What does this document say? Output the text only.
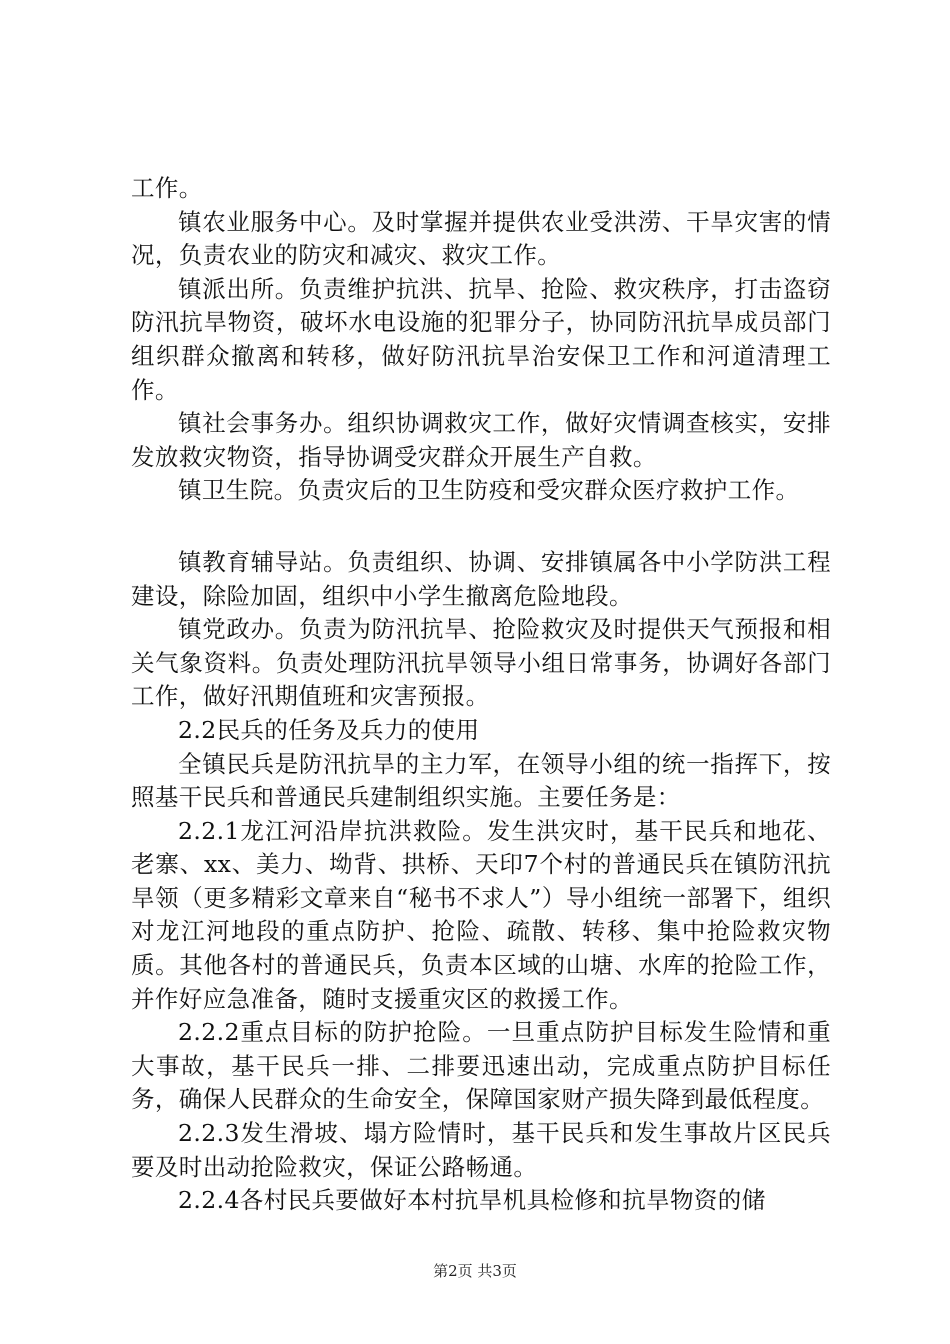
工作。

镇农业服务中心。及时掌握并提供农业受洪涝、干旱灾害的情况，负责农业的防灾和减灾、救灾工作。

镇派出所。负责维护抗洪、抗旱、抢险、救灾秩序，打击盗窃防汛抗旱物资，破坏水电设施的犯罪分子，协同防汛抗旱成员部门组织群众撤离和转移，做好防汛抗旱治安保卫工作和河道清理工作。

镇社会事务办。组织协调救灾工作，做好灾情调查核实，安排发放救灾物资，指导协调受灾群众开展生产自救。

镇卫生院。负责灾后的卫生防疫和受灾群众医疗救护工作。

镇教育辅导站。负责组织、协调、安排镇属各中小学防洪工程建设，除险加固，组织中小学生撤离危险地段。

镇党政办。负责为防汛抗旱、抢险救灾及时提供天气预报和相关气象资料。负责处理防汛抗旱领导小组日常事务，协调好各部门工作，做好汛期值班和灾害预报。

2.2民兵的任务及兵力的使用

全镇民兵是防汛抗旱的主力军，在领导小组的统一指挥下，按照基干民兵和普通民兵建制组织实施。主要任务是：

2.2.1龙江河沿岸抗洪救险。发生洪灾时，基干民兵和地花、老寨、xx、美力、坳背、拱桥、天印7个村的普通民兵在镇防汛抗旱领（更多精彩文章来自“秘书不求人”）导小组统一部署下，组织对龙江河地段的重点防护、抢险、疏散、转移、集中抢险救灾物质。其他各村的普通民兵，负责本区域的山塘、水库的抢险工作，并作好应急准备，随时支援重灾区的救援工作。

2.2.2重点目标的防护抢险。一旦重点防护目标发生险情和重大事故，基干民兵一排、二排要迅速出动，完成重点防护目标任务，确保人民群众的生命安全，保障国家财产损失降到最低程度。

2.2.3发生滑坡、塌方险情时，基干民兵和发生事故片区民兵要及时出动抢险救灾，保证公路畅通。

2.2.4各村民兵要做好本村抗旱机具检修和抗旱物资的储

第2页 共3页
